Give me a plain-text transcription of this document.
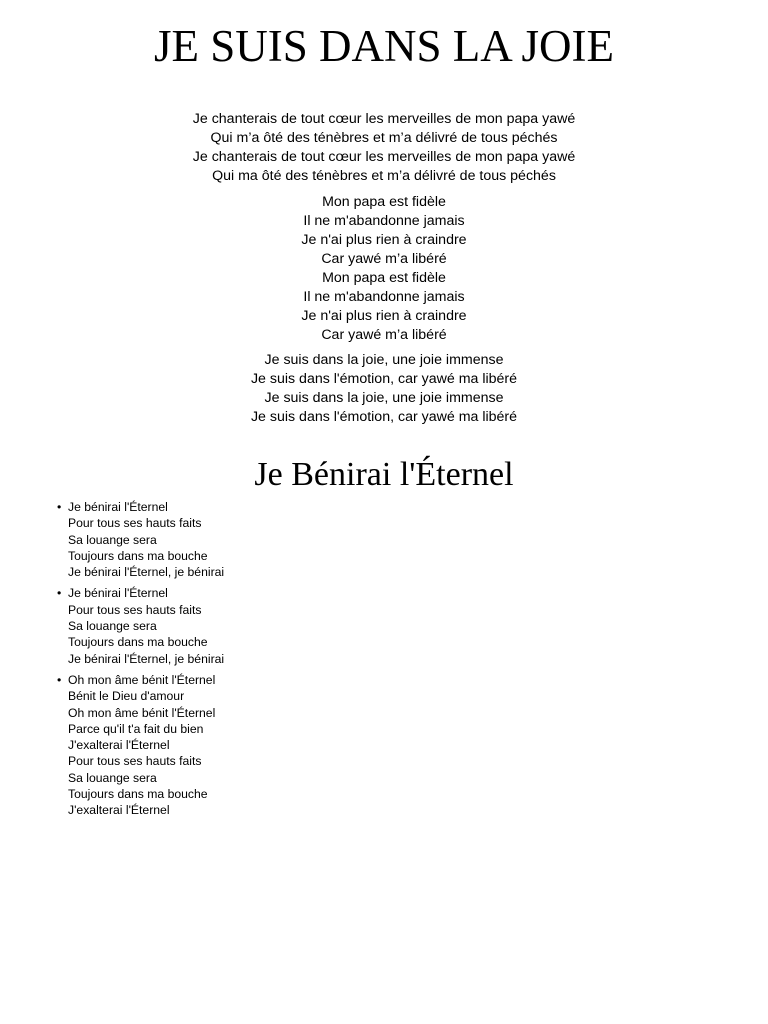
JE SUIS DANS LA JOIE
Je chanterais de tout cœur les merveilles de mon papa yawé
Qui m’a ôté des ténèbres et m’a délivré de tous péchés
Je chanterais de tout cœur les merveilles de mon papa yawé
Qui ma ôté des ténèbres et m’a délivré de tous péchés
Mon papa est fidèle
Il ne m'abandonne jamais
Je n'ai plus rien à craindre
Car yawé m’a libéré
Mon papa est fidèle
Il ne m'abandonne jamais
Je n'ai plus rien à craindre
Car yawé m’a libéré
Je suis dans la joie, une joie immense
Je suis dans l'émotion, car yawé ma libéré
Je suis dans la joie, une joie immense
Je suis dans l'émotion, car yawé ma libéré
Je Bénirai l'Éternel
• Je bénirai l'Éternel
Pour tous ses hauts faits
Sa louange sera
Toujours dans ma bouche
Je bénirai l'Éternel, je bénirai
• Je bénirai l'Éternel
Pour tous ses hauts faits
Sa louange sera
Toujours dans ma bouche
Je bénirai l'Éternel, je bénirai
• Oh mon âme bénit l'Éternel
Bénit le Dieu d'amour
Oh mon âme bénit l'Éternel
Parce qu'il t'a fait du bien
J'exalterai l'Éternel
Pour tous ses hauts faits
Sa louange sera
Toujours dans ma bouche
J'exalterai l'Éternel
